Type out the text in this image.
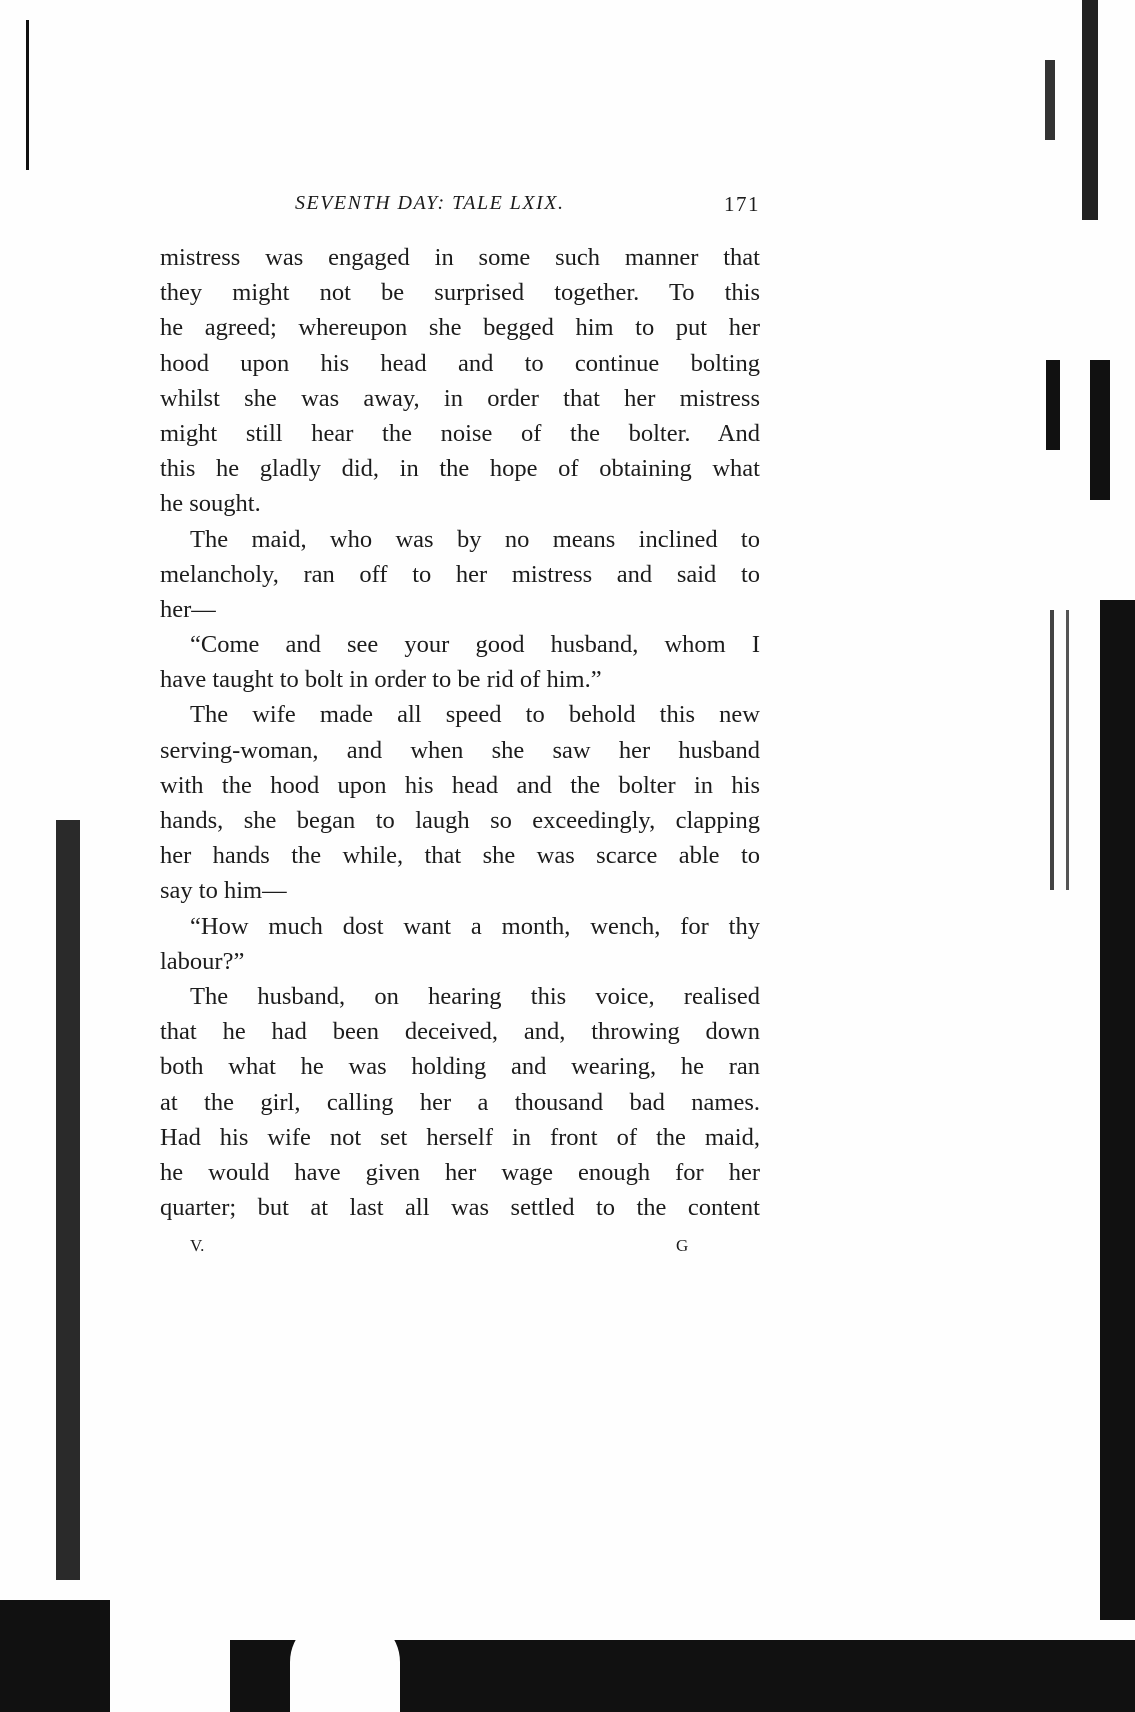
SEVENTH DAY: TALE LXIX.	171
mistress was engaged in some such manner that
they might not be surprised together. To this
he agreed; whereupon she begged him to put her
hood upon his head and to continue bolting
whilst she was away, in order that her mistress
might still hear the noise of the bolter. And
this he gladly did, in the hope of obtaining what
he sought.
The maid, who was by no means inclined to
melancholy, ran off to her mistress and said to
her—
“Come and see your good husband, whom I
have taught to bolt in order to be rid of him.”
The wife made all speed to behold this new
serving-woman, and when she saw her husband
with the hood upon his head and the bolter in his
hands, she began to laugh so exceedingly, clapping
her hands the while, that she was scarce able to
say to him—
“How much dost want a month, wench, for thy
labour?”
The husband, on hearing this voice, realised
that he had been deceived, and, throwing down
both what he was holding and wearing, he ran
at the girl, calling her a thousand bad names.
Had his wife not set herself in front of the maid,
he would have given her wage enough for her
quarter; but at last all was settled to the content
V.	G
